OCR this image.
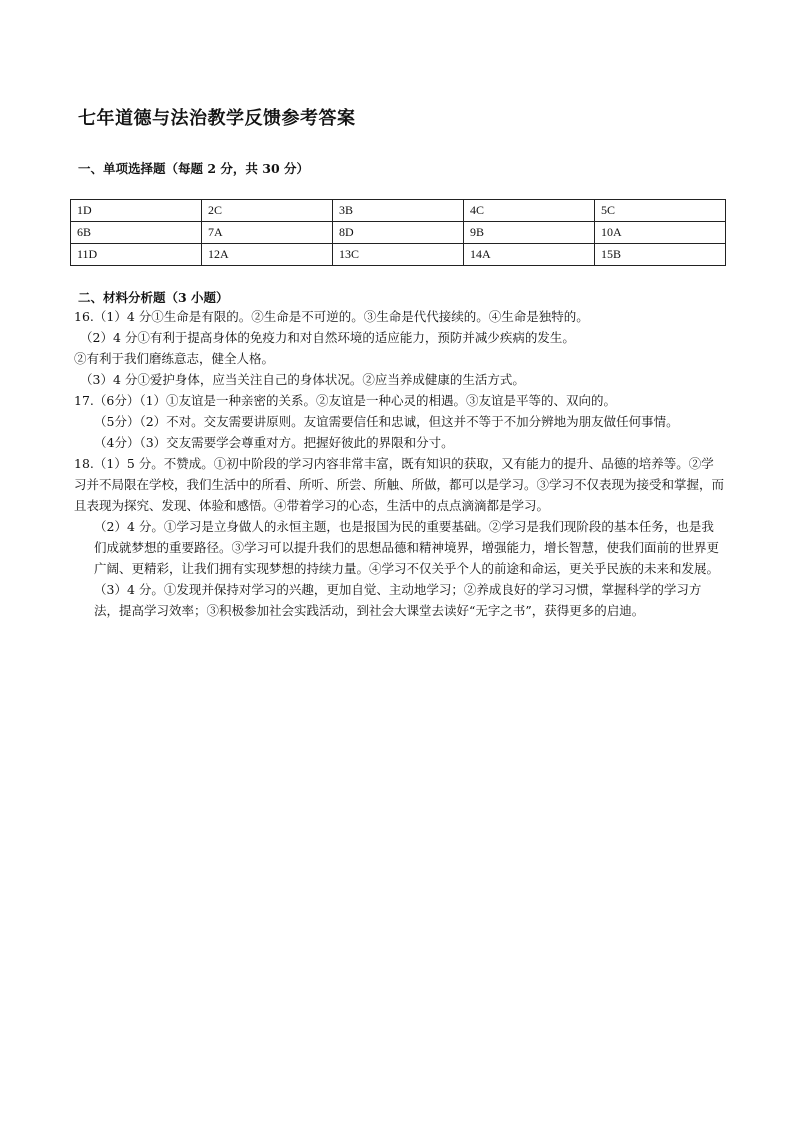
七年道德与法治教学反馈参考答案
一、单项选择题（每题 2 分，共 30 分）
1D	2C	3B	4C	5C
6B	7A	8D	9B	10A
11D	12A	13C	14A	15B
二、材料分析题（3 小题）

16.（1）4 分①生命是有限的。②生命是不可逆的。③生命是代代接续的。④生命是独特的。

（2）4 分①有利于提高身体的免疫力和对自然环境的适应能力，预防并减少疾病的发生。

②有利于我们磨练意志，健全人格。

（3）4 分①爱护身体，应当关注自己的身体状况。②应当养成健康的生活方式。

17.（6分）（1）①友谊是一种亲密的关系。②友谊是一种心灵的相遇。③友谊是平等的、双向的。

（5分）（2）不对。交友需要讲原则。友谊需要信任和忠诚，但这并不等于不加分辨地为朋友做任何事情。

（4分）（3）交友需要学会尊重对方。把握好彼此的界限和分寸。

18.（1）5 分。不赞成。①初中阶段的学习内容非常丰富，既有知识的获取，又有能力的提升、品德的培养等。②学习并不局限在学校，我们生活中的所看、所听、所尝、所触、所做，都可以是学习。③学习不仅表现为接受和掌握，而且表现为探究、发现、体验和感悟。④带着学习的心态，生活中的点点滴滴都是学习。

（2）4 分。①学习是立身做人的永恒主题，也是报国为民的重要基础。②学习是我们现阶段的基本任务，也是我们成就梦想的重要路径。③学习可以提升我们的思想品德和精神境界，增强能力，增长智慧，使我们面前的世界更广阔、更精彩，让我们拥有实现梦想的持续力量。④学习不仅关乎个人的前途和命运，更关乎民族的未来和发展。

（3）4 分。①发现并保持对学习的兴趣，更加自觉、主动地学习；②养成良好的学习习惯，掌握科学的学习方法，提高学习效率；③积极参加社会实践活动，到社会大课堂去读好“无字之书”，获得更多的启迪。
